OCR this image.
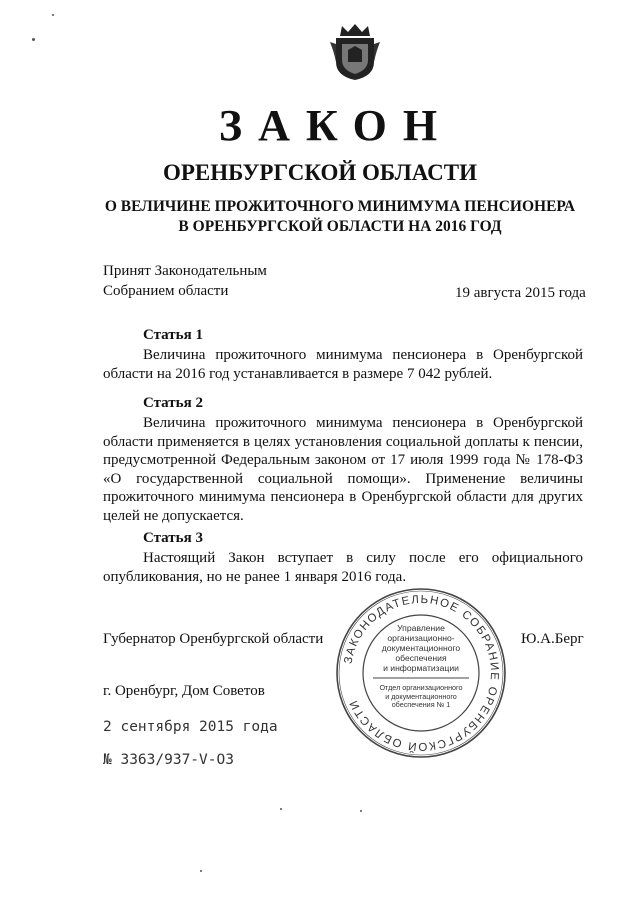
ЗАКОН
ОРЕНБУРГСКОЙ ОБЛАСТИ
О ВЕЛИЧИНЕ ПРОЖИТОЧНОГО МИНИМУМА ПЕНСИОНЕРА
В ОРЕНБУРГСКОЙ ОБЛАСТИ НА 2016 ГОД
Принят Законодательным
Собранием области	19 августа 2015 года
Статья 1
Величина прожиточного минимума пенсионера в Оренбургской области на 2016 год устанавливается в размере 7 042 рублей.
Статья 2
Величина прожиточного минимума пенсионера в Оренбургской области применяется в целях установления социальной доплаты к пенсии, предусмотренной Федеральным законом от 17 июля 1999 года № 178-ФЗ «О государственной социальной помощи». Применение величины прожиточного минимума пенсионера в Оренбургской области для других целей не допускается.
Статья 3
Настоящий Закон вступает в силу после его официального опубликования, но не ранее 1 января 2016 года.
Губернатор Оренбургской области	Ю.А.Берг
г. Оренбург, Дом Советов
2 сентября 2015 года
№ 3363/937-V-ОЗ
ЗАКОНОДАТЕЛЬНОЕ СОБРАНИЕ ОРЕНБУРГСКОЙ ОБЛАСТИ
Управление
организационно-
документационного
обеспечения
и информатизации
Отдел организационного
и документационного
обеспечения № 1
